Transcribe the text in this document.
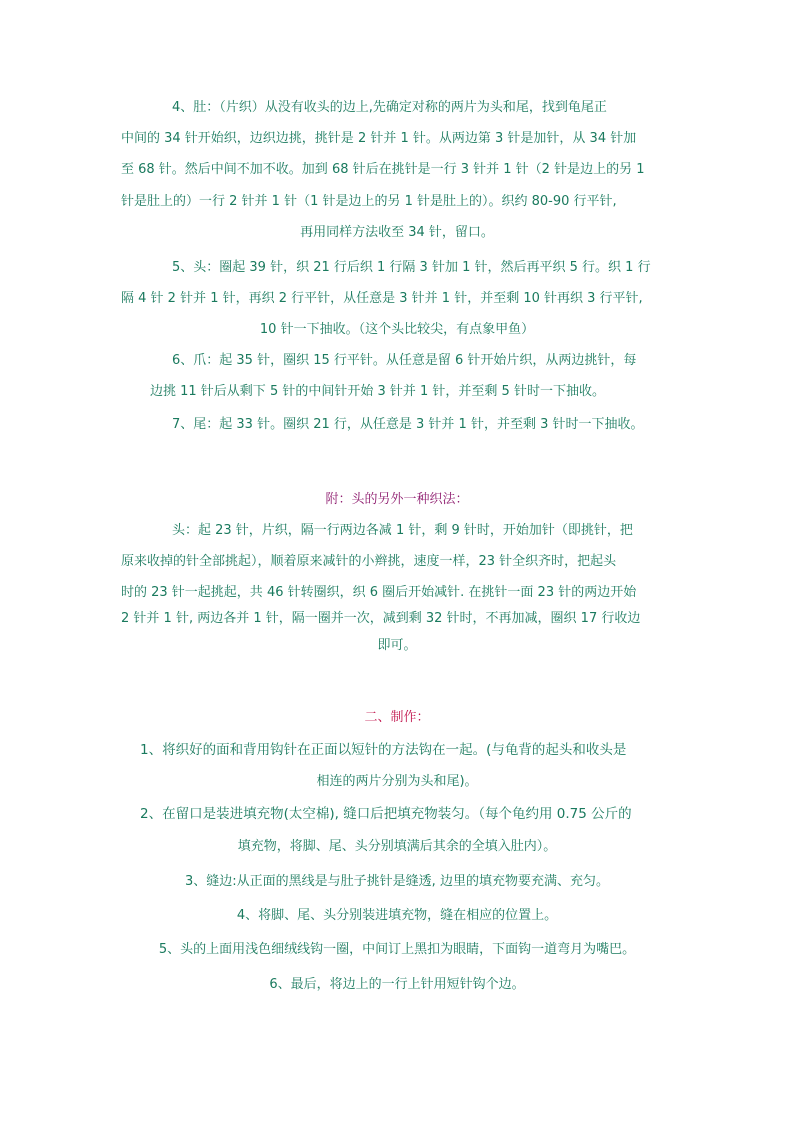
4、肚：（片织）从没有收头的边上,先确定对称的两片为头和尾，找到龟尾正
中间的 34 针开始织，边织边挑，挑针是 2 针并 1 针。从两边第 3 针是加针，从 34 针加
至 68 针。然后中间不加不收。加到 68 针后在挑针是一行 3 针并 1 针（2 针是边上的另 1
针是肚上的）一行 2 针并 1 针（1 针是边上的另 1 针是肚上的）。织约 80-90 行平针,
再用同样方法收至 34 针，留口。
5、头：圈起 39 针，织 21 行后织 1 行隔 3 针加 1 针，然后再平织 5 行。织 1 行
隔 4 针 2 针并 1 针，再织 2 行平针，从任意是 3 针并 1 针，并至剩 10 针再织 3 行平针,
10 针一下抽收。（这个头比较尖，有点象甲鱼）
6、爪：起 35 针，圈织 15 行平针。从任意是留 6 针开始片织，从两边挑针，每
边挑 11 针后从剩下 5 针的中间针开始 3 针并 1 针，并至剩 5 针时一下抽收。
7、尾：起 33 针。圈织 21 行，从任意是 3 针并 1 针，并至剩 3 针时一下抽收。
附：头的另外一种织法：
头：起 23 针，片织，隔一行两边各减 1 针，剩 9 针时，开始加针（即挑针，把
原来收掉的针全部挑起），顺着原来减针的小辫挑，速度一样，23 针全织齐时，把起头
时的 23 针一起挑起，共 46 针转圈织，织 6 圈后开始减针. 在挑针一面 23 针的两边开始
2 针并 1 针, 两边各并 1 针，隔一圈并一次，减到剩 32 针时，不再加减，圈织 17 行收边
即可。
二、制作：
1、将织好的面和背用钩针在正面以短针的方法钩在一起。(与龟背的起头和收头是
相连的两片分别为头和尾)。
2、在留口是装进填充物(太空棉), 缝口后把填充物装匀。（每个龟约用 0.75 公斤的
填充物，将脚、尾、头分别填满后其余的全填入肚内）。
3、缝边:从正面的黑线是与肚子挑针是缝透, 边里的填充物要充满、充匀。
4、将脚、尾、头分别装进填充物，缝在相应的位置上。
5、头的上面用浅色细绒线钩一圈，中间订上黑扣为眼睛，下面钩一道弯月为嘴巴。
6、最后，将边上的一行上针用短针钩个边。
